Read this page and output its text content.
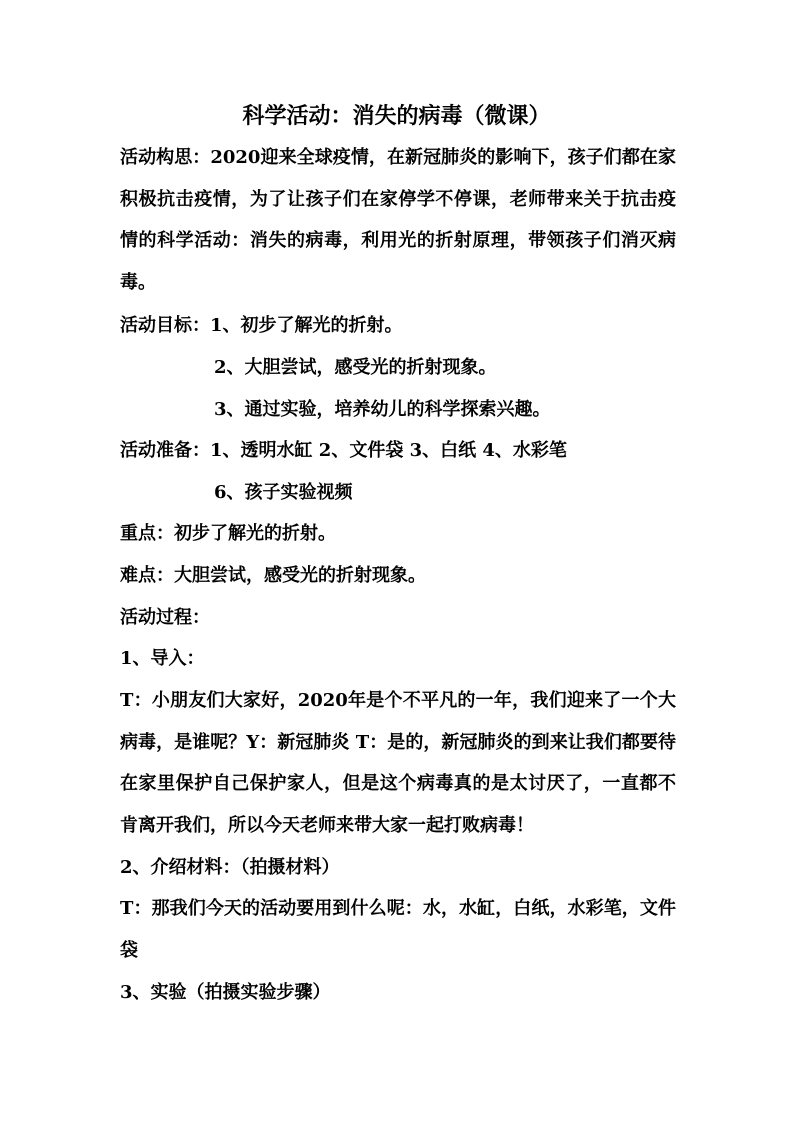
科学活动：消失的病毒（微课）
活动构思：2020迎来全球疫情，在新冠肺炎的影响下，孩子们都在家积极抗击疫情，为了让孩子们在家停学不停课，老师带来关于抗击疫情的科学活动：消失的病毒，利用光的折射原理，带领孩子们消灭病毒。
活动目标：1、初步了解光的折射。
2、大胆尝试，感受光的折射现象。
3、通过实验，培养幼儿的科学探索兴趣。
活动准备：1、透明水缸 2、文件袋 3、白纸 4、水彩笔
6、孩子实验视频
重点：初步了解光的折射。
难点：大胆尝试，感受光的折射现象。
活动过程：
1、导入：
T：小朋友们大家好，2020年是个不平凡的一年，我们迎来了一个大病毒，是谁呢？Y：新冠肺炎 T：是的，新冠肺炎的到来让我们都要待在家里保护自己保护家人，但是这个病毒真的是太讨厌了，一直都不肯离开我们，所以今天老师来带大家一起打败病毒！
2、介绍材料：（拍摄材料）
T：那我们今天的活动要用到什么呢：水，水缸，白纸，水彩笔，文件袋
3、实验（拍摄实验步骤）
